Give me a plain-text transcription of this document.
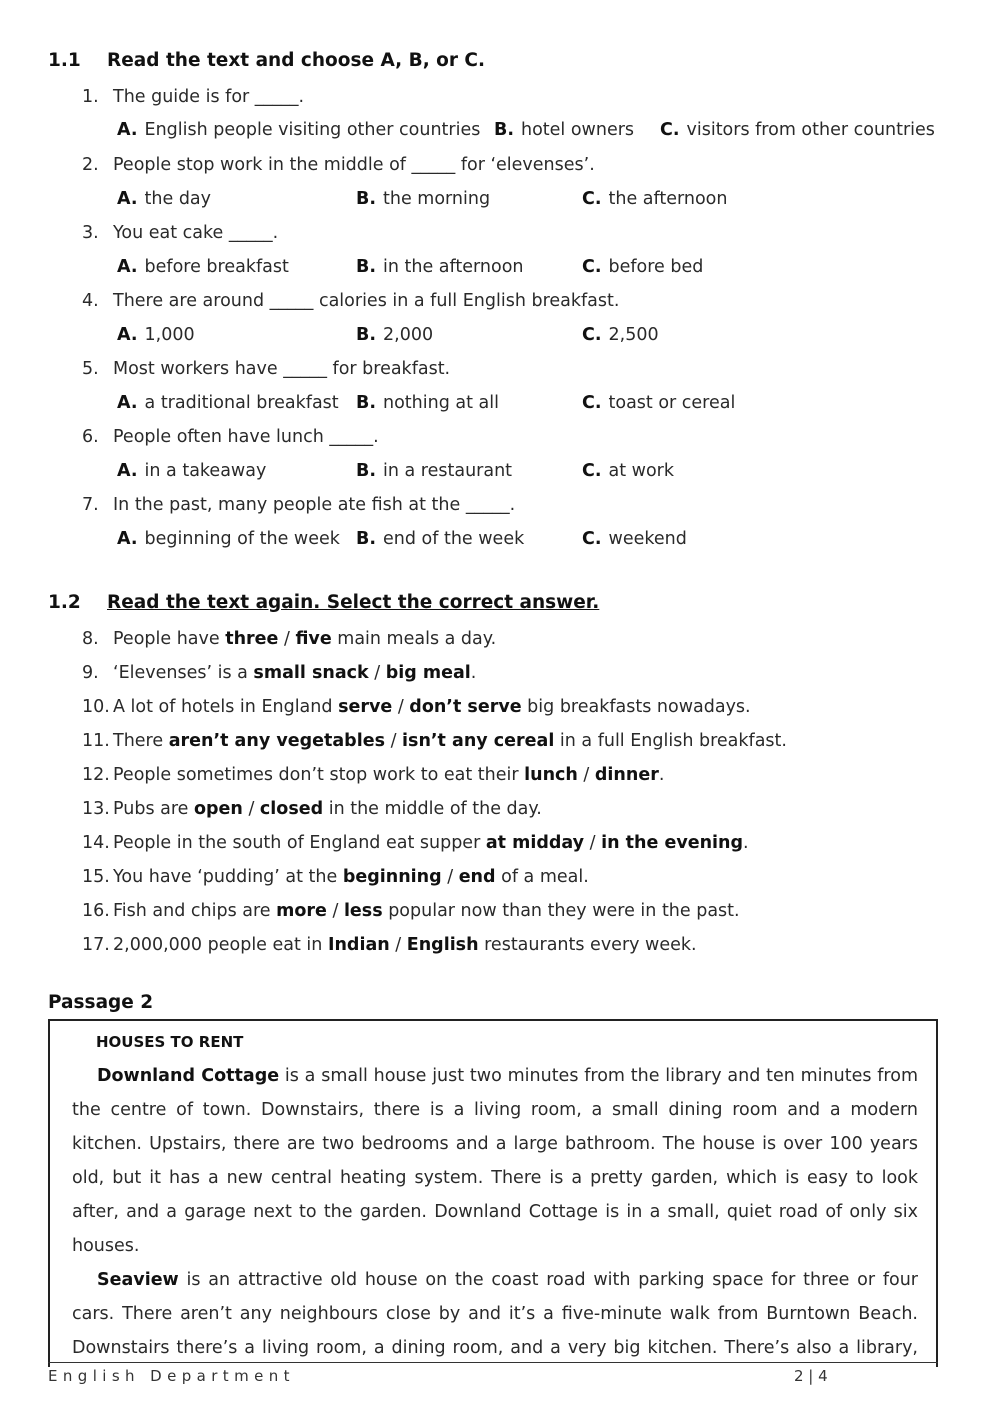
1.1 Read the text and choose A, B, or C.
1. The guide is for _____.
A. English people visiting other countries B. hotel owners C. visitors from other countries
2. People stop work in the middle of _____ for ‘elevenses’.
A. the day	B. the morning	C. the afternoon
3. You eat cake _____.
A. before breakfast	B. in the afternoon	C. before bed
4. There are around _____ calories in a full English breakfast.
A. 1,000	B. 2,000	C. 2,500
5. Most workers have _____ for breakfast.
A. a traditional breakfast B. nothing at all	C. toast or cereal
6. People often have lunch _____.
A. in a takeaway	B. in a restaurant	C. at work
7. In the past, many people ate fish at the _____.
A. beginning of the week B. end of the week	C. weekend
1.2 Read the text again. Select the correct answer.
8. People have three / five main meals a day.
9. ‘Elevenses’ is a small snack / big meal.
10. A lot of hotels in England serve / don’t serve big breakfasts nowadays.
11. There aren’t any vegetables / isn’t any cereal in a full English breakfast.
12. People sometimes don’t stop work to eat their lunch / dinner.
13. Pubs are open / closed in the middle of the day.
14. People in the south of England eat supper at midday / in the evening.
15. You have ‘pudding’ at the beginning / end of a meal.
16. Fish and chips are more / less popular now than they were in the past.
17. 2,000,000 people eat in Indian / English restaurants every week.
Passage 2
HOUSES TO RENT

Downland Cottage is a small house just two minutes from the library and ten minutes from the centre of town. Downstairs, there is a living room, a small dining room and a modern kitchen. Upstairs, there are two bedrooms and a large bathroom. The house is over 100 years old, but it has a new central heating system. There is a pretty garden, which is easy to look after, and a garage next to the garden. Downland Cottage is in a small, quiet road of only six houses.

Seaview is an attractive old house on the coast road with parking space for three or four cars. There aren’t any neighbours close by and it’s a five-minute walk from Burntown Beach. Downstairs there’s a living room, a dining room, and a very big kitchen. There’s also a library,

English Department	2 | 4
